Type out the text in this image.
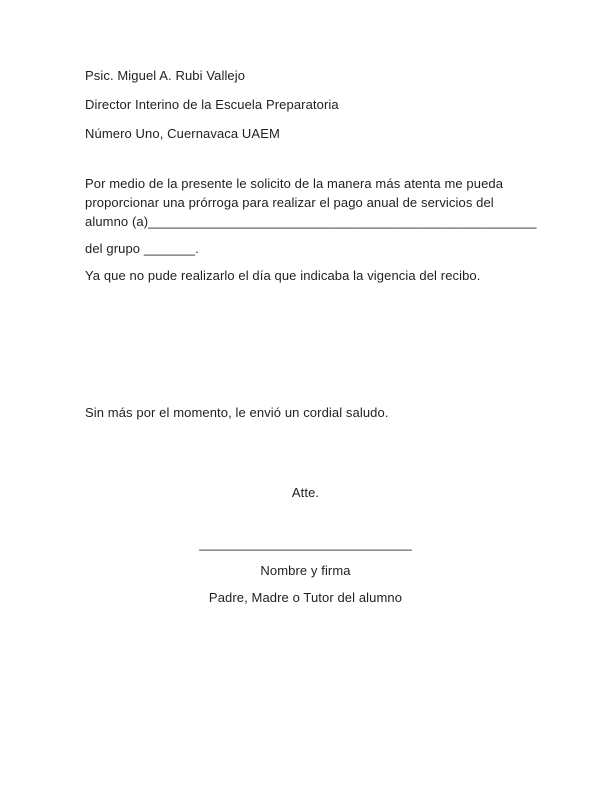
Psic. Miguel A. Rubi Vallejo
Director Interino de la Escuela Preparatoria
Número Uno, Cuernavaca UAEM
Por medio de la presente le solicito de la manera más atenta me pueda
proporcionar una prórroga para realizar el pago anual de servicios del
alumno (a)_____________________________________________________
del grupo _______.
Ya que no pude realizarlo el día que indicaba la vigencia del recibo.
Sin más por el momento, le envió un cordial saludo.
Atte.
_____________________________
Nombre y firma
Padre, Madre o Tutor del alumno
